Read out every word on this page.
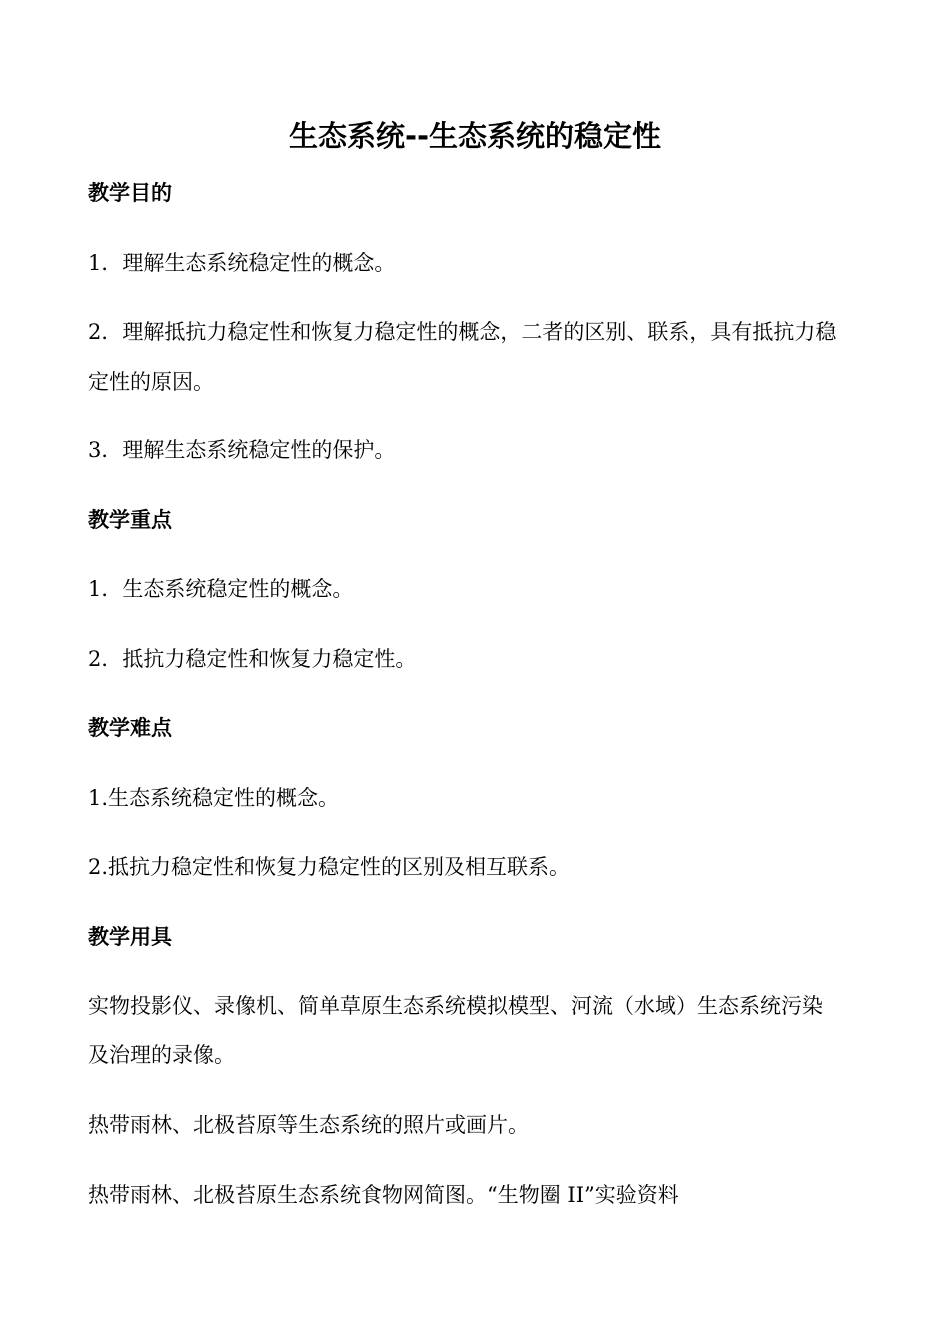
生态系统--生态系统的稳定性
教学目的
1．理解生态系统稳定性的概念。
2．理解抵抗力稳定性和恢复力稳定性的概念，二者的区别、联系，具有抵抗力稳
定性的原因。
3．理解生态系统稳定性的保护。
教学重点
1．生态系统稳定性的概念。
2．抵抗力稳定性和恢复力稳定性。
教学难点
1.生态系统稳定性的概念。
2.抵抗力稳定性和恢复力稳定性的区别及相互联系。
教学用具
实物投影仪、录像机、简单草原生态系统模拟模型、河流（水域）生态系统污染
及治理的录像。
热带雨林、北极苔原等生态系统的照片或画片。
热带雨林、北极苔原生态系统食物网简图。“生物圈 II”实验资料
